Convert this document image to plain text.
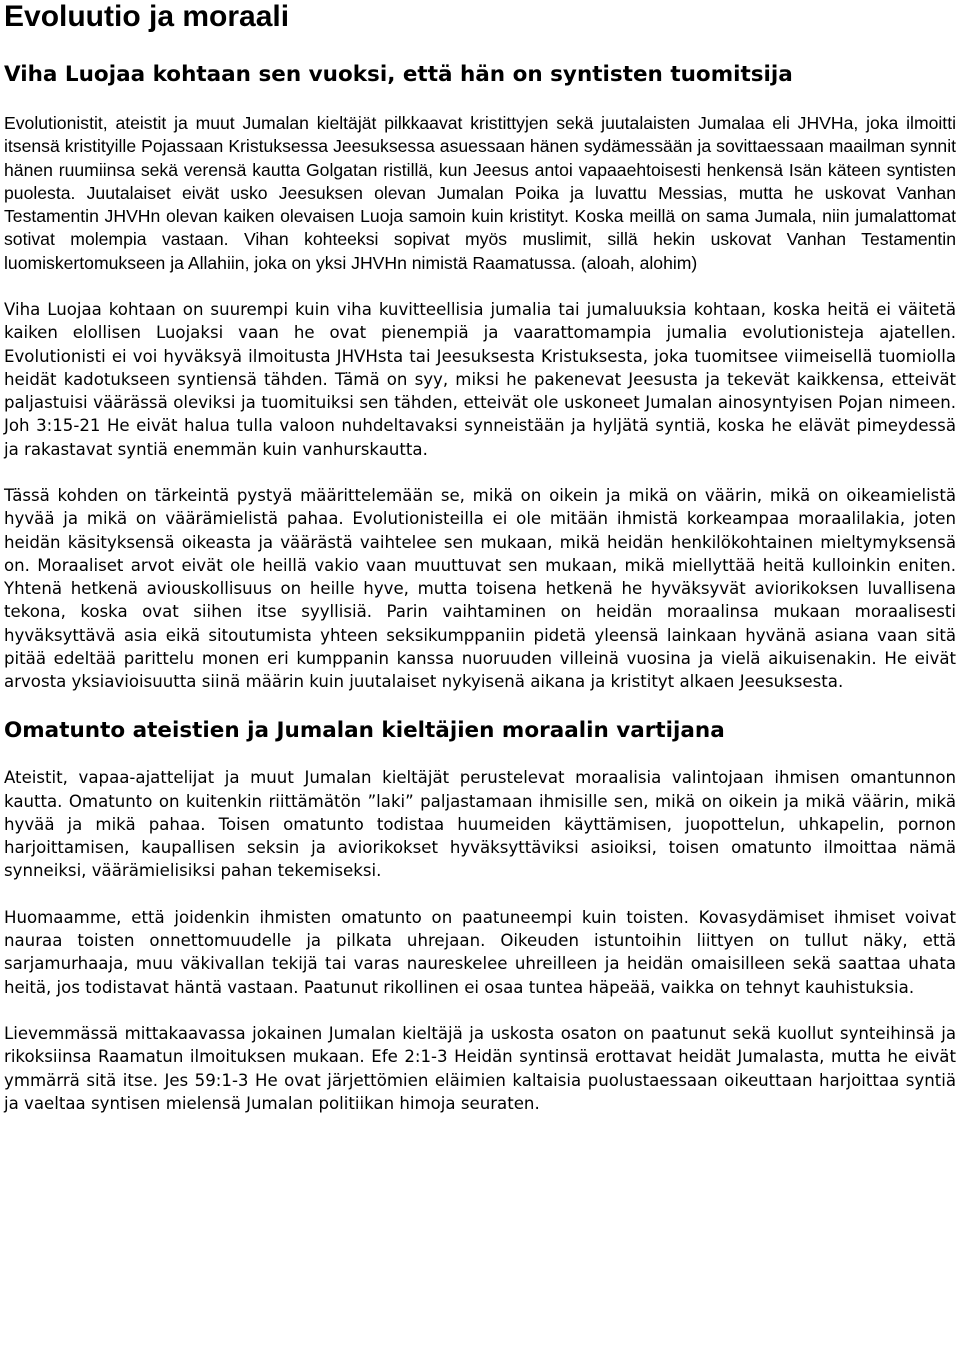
Evoluutio ja moraali
Viha Luojaa kohtaan sen vuoksi, että hän on syntisten tuomitsija

Evolutionistit, ateistit ja muut Jumalan kieltäjät pilkkaavat kristittyjen sekä juutalaisten Jumalaa eli JHVHa, joka ilmoitti itsensä kristityille Pojassaan Kristuksessa Jeesuksessa asuessaan hänen sydämessään ja sovittaessaan maailman synnit hänen ruumiinsa sekä verensä kautta Golgatan ristillä, kun Jeesus antoi vapaaehtoisesti henkensä Isän käteen syntisten puolesta. Juutalaiset eivät usko Jeesuksen olevan Jumalan Poika ja luvattu Messias, mutta he uskovat Vanhan Testamentin JHVHn olevan kaiken olevaisen Luoja samoin kuin kristityt. Koska meillä on sama Jumala, niin jumalattomat sotivat molempia vastaan. Vihan kohteeksi sopivat myös muslimit, sillä hekin uskovat Vanhan Testamentin luomiskertomukseen ja Allahiin, joka on yksi JHVHn nimistä Raamatussa. (aloah, alohim)

Viha Luojaa kohtaan on suurempi kuin viha kuvitteellisia jumalia tai jumaluuksia kohtaan, koska heitä ei väitetä kaiken elollisen Luojaksi vaan he ovat pienempiä ja vaarattomampia jumalia evolutionisteja ajatellen. Evolutionisti ei voi hyväksyä ilmoitusta JHVHsta tai Jeesuksesta Kristuksesta, joka tuomitsee viimeisellä tuomiolla heidät kadotukseen syntiensä tähden. Tämä on syy, miksi he pakenevat Jeesusta ja tekevät kaikkensa, etteivät paljastuisi väärässä oleviksi ja tuomituiksi sen tähden, etteivät ole uskoneet Jumalan ainosyntyisen Pojan nimeen. Joh 3:15-21 He eivät halua tulla valoon nuhdeltavaksi synneistään ja hyljätä syntiä, koska he elävät pimeydessä ja rakastavat syntiä enemmän kuin vanhurskautta.

Tässä kohden on tärkeintä pystyä määrittelemään se, mikä on oikein ja mikä on väärin, mikä on oikeamielistä hyvää ja mikä on väärämielistä pahaa. Evolutionisteilla ei ole mitään ihmistä korkeampaa moraalilakia, joten heidän käsityksensä oikeasta ja väärästä vaihtelee sen mukaan, mikä heidän henkilökohtainen mieltymyksensä on. Moraaliset arvot eivät ole heillä vakio vaan muuttuvat sen mukaan, mikä miellyttää heitä kulloinkin eniten. Yhtenä hetkenä aviouskollisuus on heille hyve, mutta toisena hetkenä he hyväksyvät aviorikoksen luvallisena tekona, koska ovat siihen itse syyllisiä. Parin vaihtaminen on heidän moraalinsa mukaan moraalisesti hyväksyttävä asia eikä sitoutumista yhteen seksikumppaniin pidetä yleensä lainkaan hyvänä asiana vaan sitä pitää edeltää parittelu monen eri kumppanin kanssa nuoruuden villeinä vuosina ja vielä aikuisenakin. He eivät arvosta yksiavioisuutta siinä määrin kuin juutalaiset nykyisenä aikana ja kristityt alkaen Jeesuksesta.

Omatunto ateistien ja Jumalan kieltäjien moraalin vartijana

Ateistit, vapaa-ajattelijat ja muut Jumalan kieltäjät perustelevat moraalisia valintojaan ihmisen omantunnon kautta. Omatunto on kuitenkin riittämätön ”laki” paljastamaan ihmisille sen, mikä on oikein ja mikä väärin, mikä hyvää ja mikä pahaa. Toisen omatunto todistaa huumeiden käyttämisen, juopottelun, uhkapelin, pornon harjoittamisen, kaupallisen seksin ja aviorikokset hyväksyttäviksi asioiksi, toisen omatunto ilmoittaa nämä synneiksi, väärämielisiksi pahan tekemiseksi.

Huomaamme, että joidenkin ihmisten omatunto on paatuneempi kuin toisten. Kovasydämiset ihmiset voivat nauraa toisten onnettomuudelle ja pilkata uhrejaan. Oikeuden istuntoihin liittyen on tullut näky, että sarjamurhaaja, muu väkivallan tekijä tai varas naureskelee uhreilleen ja heidän omaisilleen sekä saattaa uhata heitä, jos todistavat häntä vastaan. Paatunut rikollinen ei osaa tuntea häpeää, vaikka on tehnyt kauhistuksia.

Lievemmässä mittakaavassa jokainen Jumalan kieltäjä ja uskosta osaton on paatunut sekä kuollut synteihinsä ja rikoksiinsa Raamatun ilmoituksen mukaan. Efe 2:1-3 Heidän syntinsä erottavat heidät Jumalasta, mutta he eivät ymmärrä sitä itse. Jes 59:1-3 He ovat järjettömien eläimien kaltaisia puolustaessaan oikeuttaan harjoittaa syntiä ja vaeltaa syntisen mielensä Jumalan politiikan himoja seuraten.
